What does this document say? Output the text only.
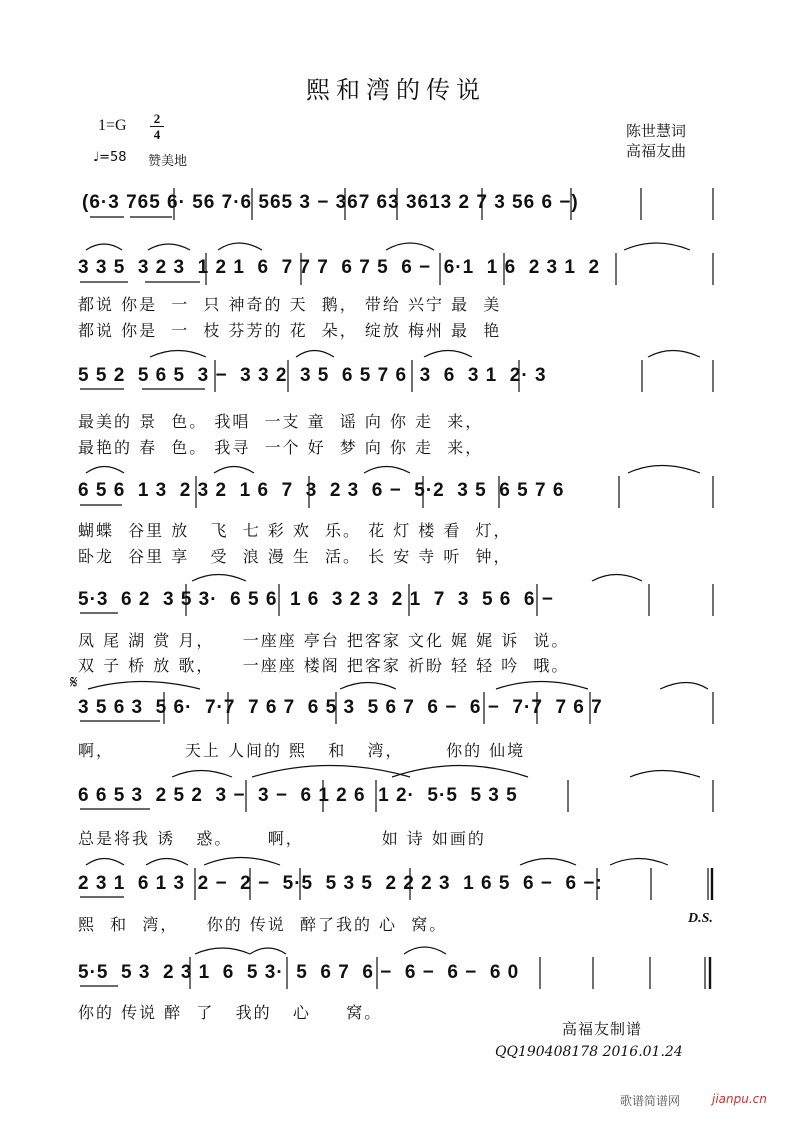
熙和湾的传说
1=G 2
4
♩=58 赞美地
陈世慧词
高福友曲
(6·3 765 6· 56 7·6 565 3 − 367 63 3613 2 7 3 56 6 −)
3 3 5  3 2 3  1 2 1  6  7 7 7  6 7 5  6 −  6·1  1 6  2 3 1  2
都说 你是  一  只 神奇的 天  鹅， 带给 兴宁 最  美
都说 你是  一  枝 芬芳的 花  朵， 绽放 梅州 最  艳
5 5 2  5 6 5  3 −  3 3 2  3 5  6 5 7 6  3  6  3 1  2· 3
最美的 景  色。 我唱  一支 童  谣 向 你 走  来，
最艳的 春  色。 我寻  一个 好  梦 向 你 走  来，
6 5 6  1 3  2 3 2  1 6  7  3  2 3  6 −  5·2  3 5  6 5 7 6
蝴蝶  谷里 放   飞  七 彩 欢  乐。 花 灯 楼 看  灯，
卧龙  谷里 享   受  浪 漫 生  活。 长 安 寺 听  钟，
5·3  6 2  3 5 3·  6 5 6  1 6  3 2 3  2 1  7  3  5 6  6 −
凤 尾 湖 赏 月，    一座座 亭台 把客家 文化 娓 娓 诉  说。
双 子 桥 放 歌，    一座座 楼阁 把客家 祈盼 轻 轻 吟  哦。
𝄋
3 5 6 3  5 6·  7·7  7 6 7  6 5 3  5 6 7  6 −  6 −  7·7  7 6 7
啊，          天上 人间的 熙   和   湾，      你的 仙境
6 6 5 3  2 5 2  3 −  3 −  6 1 2 6  1 2·  5·5  5 3 5
总是将我 诱   惑。     啊，           如 诗 如画的
2 3 1  6 1 3  2 −  2 −  5·5  5 3 5  2 2 2 3  1 6 5  6 −  6 −:
熙  和  湾，    你的 传说  醉了我的 心  窝。	D.S.
5·5  5 3  2 3 1  6  5 3·  5  6 7  6 −  6 −  6 −  6 0
你的 传说 醉  了   我的   心     窝。
高福友制谱
QQ190408178 2016.01.24
歌谱简谱网	jianpu.cn
